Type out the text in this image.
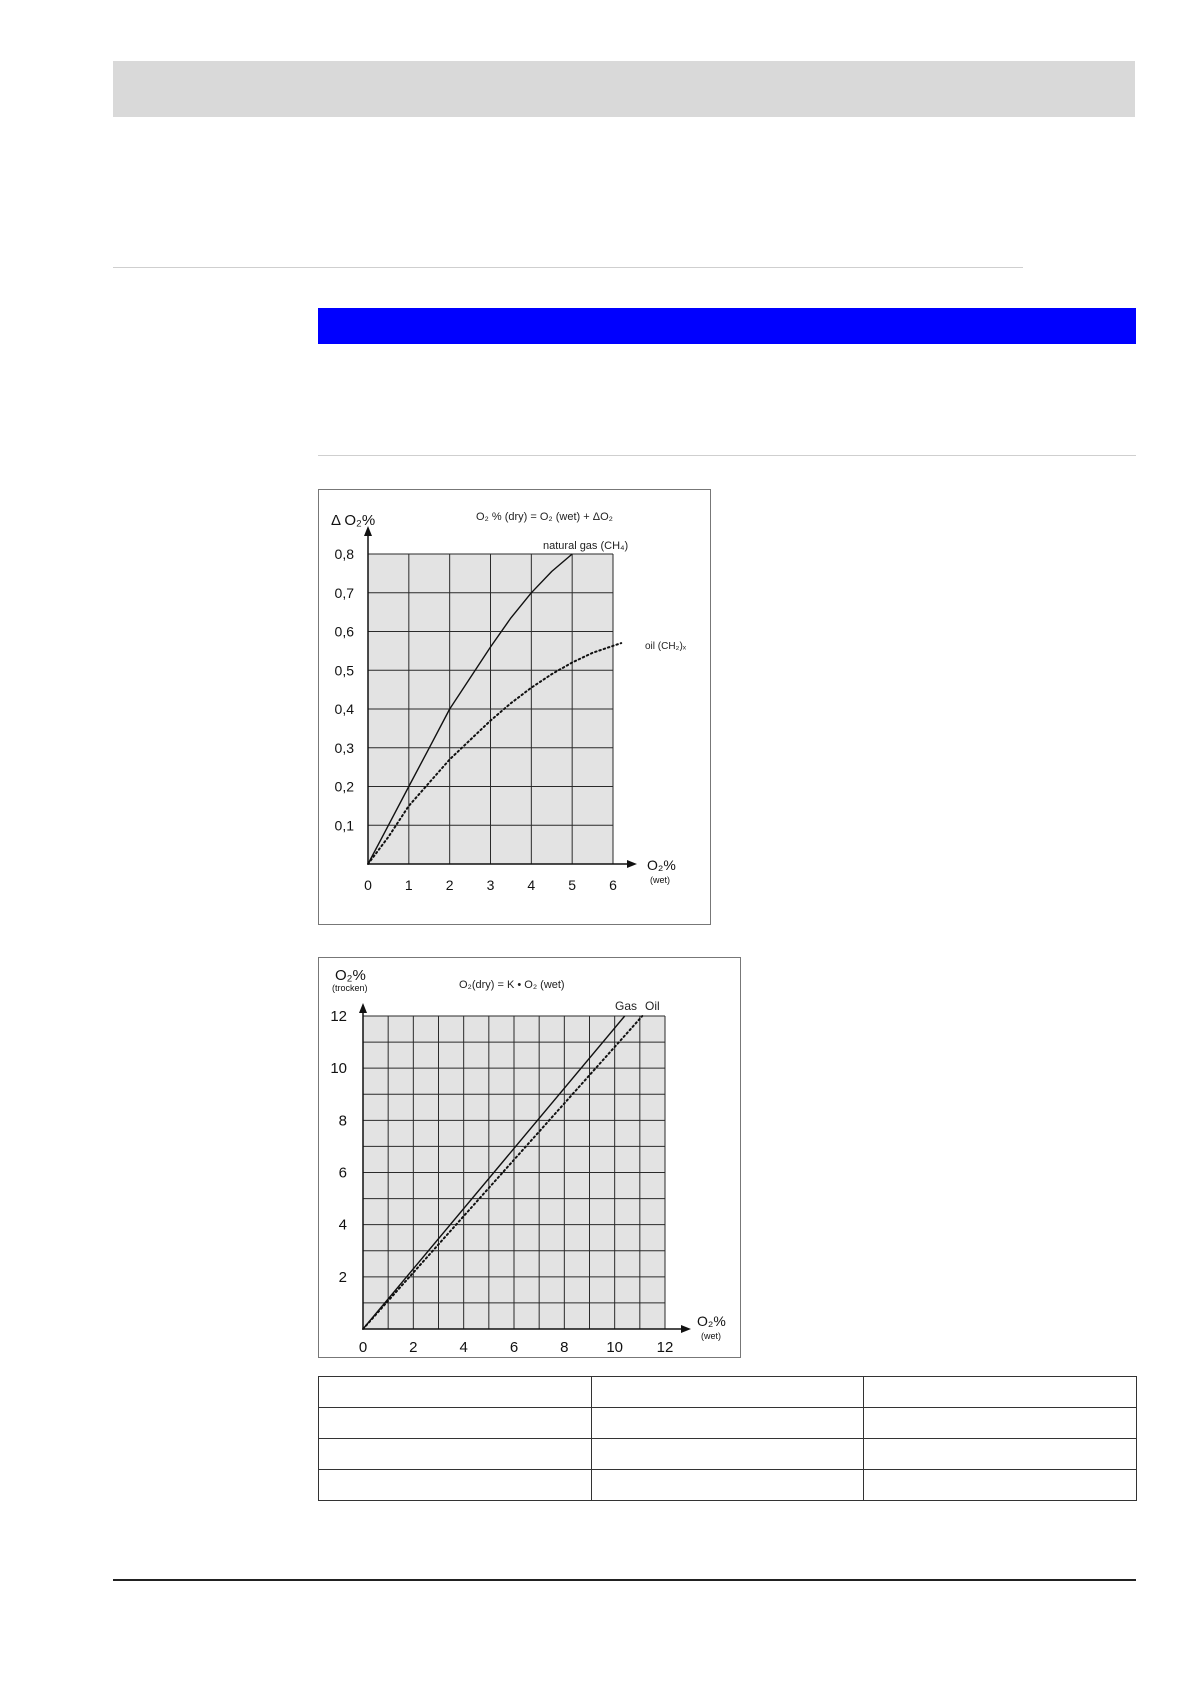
0,1
0,2
0,3
0,4
0,5
0,6
0,7
0,8
0 1 2 3 4 5 6
Δ O₂%	O₂ % (dry) = O₂ (wet) + ΔO₂
natural gas (CH₄)
oil (CH₂)ₓ
O₂%
(wet)
2
4
6
8
10
12
0	2	4	6	8	10 12
O₂%
(trocken)	O₂(dry) = K • O₂ (wet)
Gas Oil
O₂%
(wet)
